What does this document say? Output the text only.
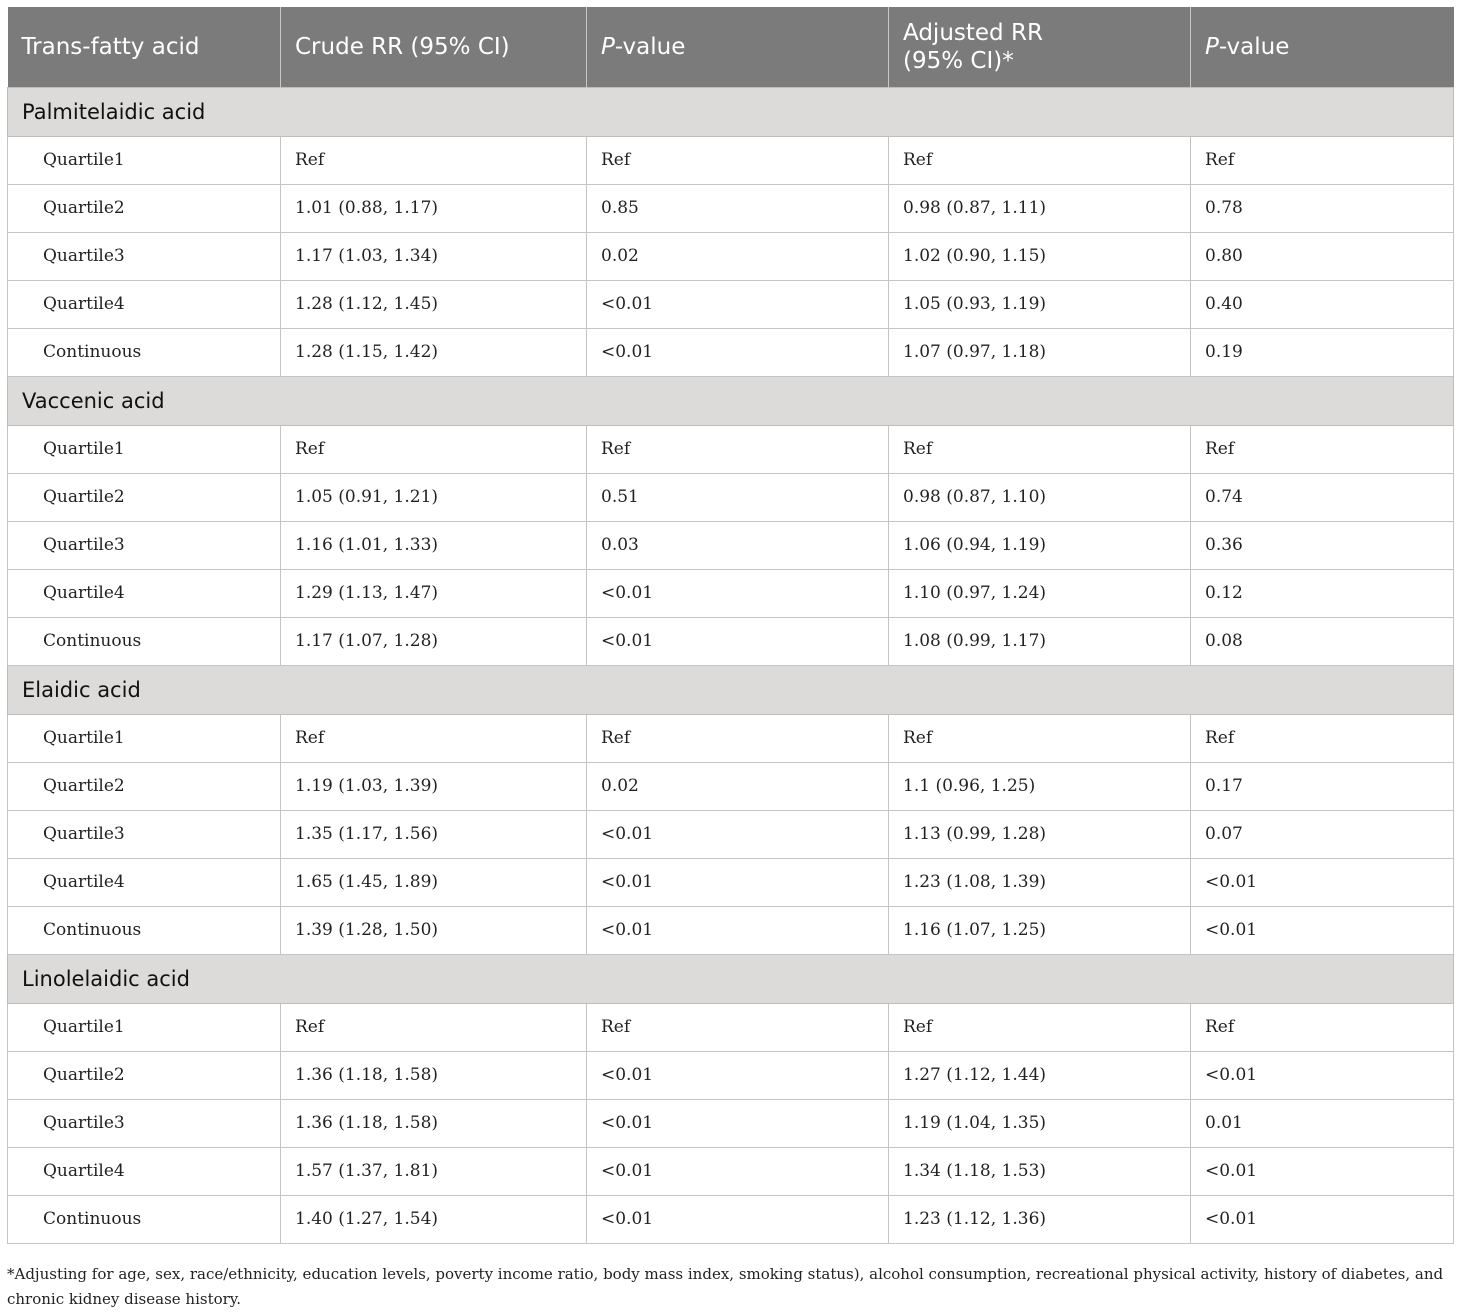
Trans-fatty acid	Crude RR (95% CI)	P-value	Adjusted RR
(95% CI)*	P-value
Palmitelaidic acid				
Quartile1	Ref	Ref	Ref	Ref
Quartile2	1.01 (0.88, 1.17)	0.85	0.98 (0.87, 1.11)	0.78
Quartile3	1.17 (1.03, 1.34)	0.02	1.02 (0.90, 1.15)	0.80
Quartile4	1.28 (1.12, 1.45)	<0.01	1.05 (0.93, 1.19)	0.40
Continuous	1.28 (1.15, 1.42)	<0.01	1.07 (0.97, 1.18)	0.19
Vaccenic acid				
Quartile1	Ref	Ref	Ref	Ref
Quartile2	1.05 (0.91, 1.21)	0.51	0.98 (0.87, 1.10)	0.74
Quartile3	1.16 (1.01, 1.33)	0.03	1.06 (0.94, 1.19)	0.36
Quartile4	1.29 (1.13, 1.47)	<0.01	1.10 (0.97, 1.24)	0.12
Continuous	1.17 (1.07, 1.28)	<0.01	1.08 (0.99, 1.17)	0.08
Elaidic acid				
Quartile1	Ref	Ref	Ref	Ref
Quartile2	1.19 (1.03, 1.39)	0.02	1.1 (0.96, 1.25)	0.17
Quartile3	1.35 (1.17, 1.56)	<0.01	1.13 (0.99, 1.28)	0.07
Quartile4	1.65 (1.45, 1.89)	<0.01	1.23 (1.08, 1.39)	<0.01
Continuous	1.39 (1.28, 1.50)	<0.01	1.16 (1.07, 1.25)	<0.01
Linolelaidic acid				
Quartile1	Ref	Ref	Ref	Ref
Quartile2	1.36 (1.18, 1.58)	<0.01	1.27 (1.12, 1.44)	<0.01
Quartile3	1.36 (1.18, 1.58)	<0.01	1.19 (1.04, 1.35)	0.01
Quartile4	1.57 (1.37, 1.81)	<0.01	1.34 (1.18, 1.53)	<0.01
Continuous	1.40 (1.27, 1.54)	<0.01	1.23 (1.12, 1.36)	<0.01
*Adjusting for age, sex, race/ethnicity, education levels, poverty income ratio, body mass index, smoking status), alcohol consumption, recreational physical activity, history of diabetes, and chronic kidney disease history.
